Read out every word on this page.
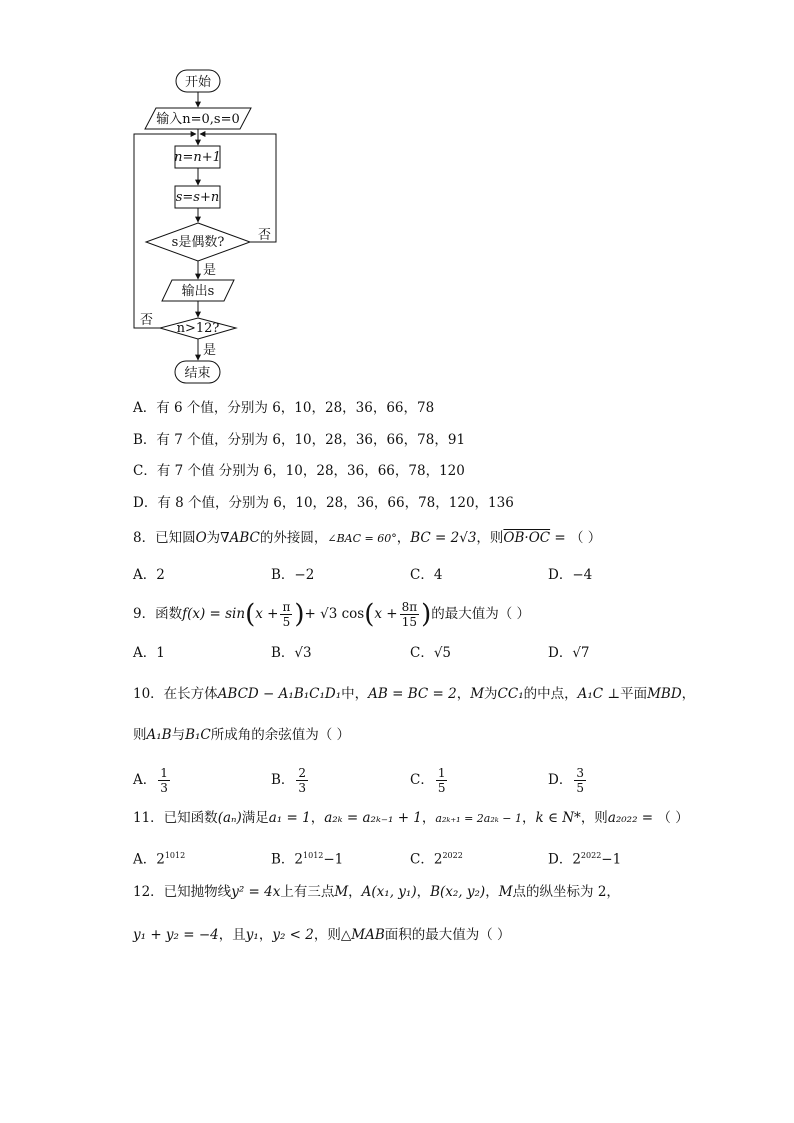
开始
输入n=0,s=0
n=n+1
s=s+n
s是偶数?
是
否
输出s
n>12?
是
否
结束
A．有 6 个值，分别为 6，10，28，36，66，78
B．有 7 个值，分别为 6，10，28，36，66，78，91
C．有 7 个值 分别为 6，10，28，36，66，78，120
D．有 8 个值，分别为 6，10，28，36，66，78，120，136
8．已知圆O为∇ABC的外接圆，∠BAC = 60°，BC = 2√3，则OB·OC = （ ）
A．2	B．−2	C．4	D．−4
9．函数$f(x) = \sin(x + \frac{\pi}{5}$ )+ √3 $\cos(x + \frac{8\pi}{15}$ )的最大值为（ ）
A．1	B．√3	C．√5	D．√7
10．在长方体ABCD − A₁B₁C₁D₁中，AB = BC = 2，M为CC₁的中点，A₁C ⊥平面MBD，
则A₁B与B₁C所成角的余弦值为（ ）
A． $\frac{1}{3}$	B． $\frac{2}{3}$	C． $\frac{1}{5}$	D． $\frac{3}{5}$
11．已知函数(aₙ)满足a₁ = 1，a₂ₖ = a₂ₖ₋₁ + 1，a₂ₖ₊₁ = 2a₂ₖ − 1，k ∈ N*，则a₂₀₂₂ = （ ）
A．$2^{1012}$	B．$2^{1012}-1$	C．$2^{2022}$	D．$2^{2022}-1$
12．已知抛物线y² = 4x上有三点M，A(x₁, y₁)，B(x₂, y₂)，M点的纵坐标为 2，
y₁ + y₂ = −4，且y₁，y₂ < 2，则△MAB面积的最大值为（ ）
